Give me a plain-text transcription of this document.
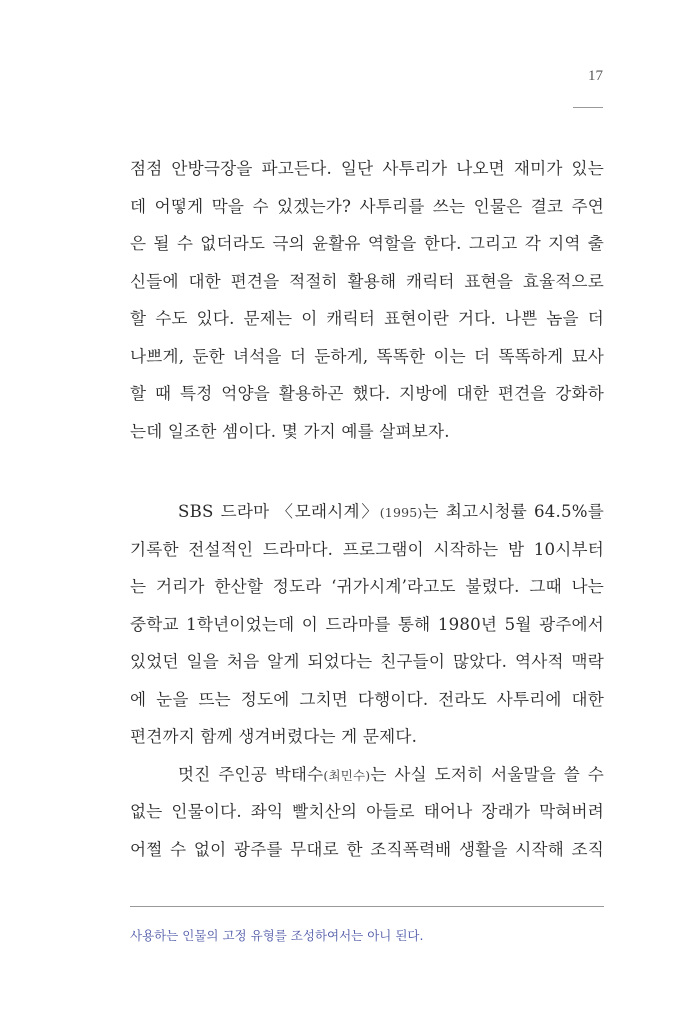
17
점점 안방극장을 파고든다. 일단 사투리가 나오면 재미가 있는
데 어떻게 막을 수 있겠는가? 사투리를 쓰는 인물은 결코 주연
은 될 수 없더라도 극의 윤활유 역할을 한다. 그리고 각 지역 출
신들에 대한 편견을 적절히 활용해 캐릭터 표현을 효율적으로
할 수도 있다. 문제는 이 캐릭터 표현이란 거다. 나쁜 놈을 더
나쁘게, 둔한 녀석을 더 둔하게, 똑똑한 이는 더 똑똑하게 묘사
할 때 특정 억양을 활용하곤 했다. 지방에 대한 편견을 강화하
는데 일조한 셈이다. 몇 가지 예를 살펴보자.
SBS 드라마 〈모래시계〉(1995)는 최고시청률 64.5%를
기록한 전설적인 드라마다. 프로그램이 시작하는 밤 10시부터
는 거리가 한산할 정도라 ‘귀가시계’라고도 불렸다. 그때 나는
중학교 1학년이었는데 이 드라마를 통해 1980년 5월 광주에서
있었던 일을 처음 알게 되었다는 친구들이 많았다. 역사적 맥락
에 눈을 뜨는 정도에 그치면 다행이다. 전라도 사투리에 대한
편견까지 함께 생겨버렸다는 게 문제다.
멋진 주인공 박태수(최민수)는 사실 도저히 서울말을 쓸 수
없는 인물이다. 좌익 빨치산의 아들로 태어나 장래가 막혀버려
어쩔 수 없이 광주를 무대로 한 조직폭력배 생활을 시작해 조직
사용하는 인물의 고정 유형를 조성하여서는 아니 된다.
